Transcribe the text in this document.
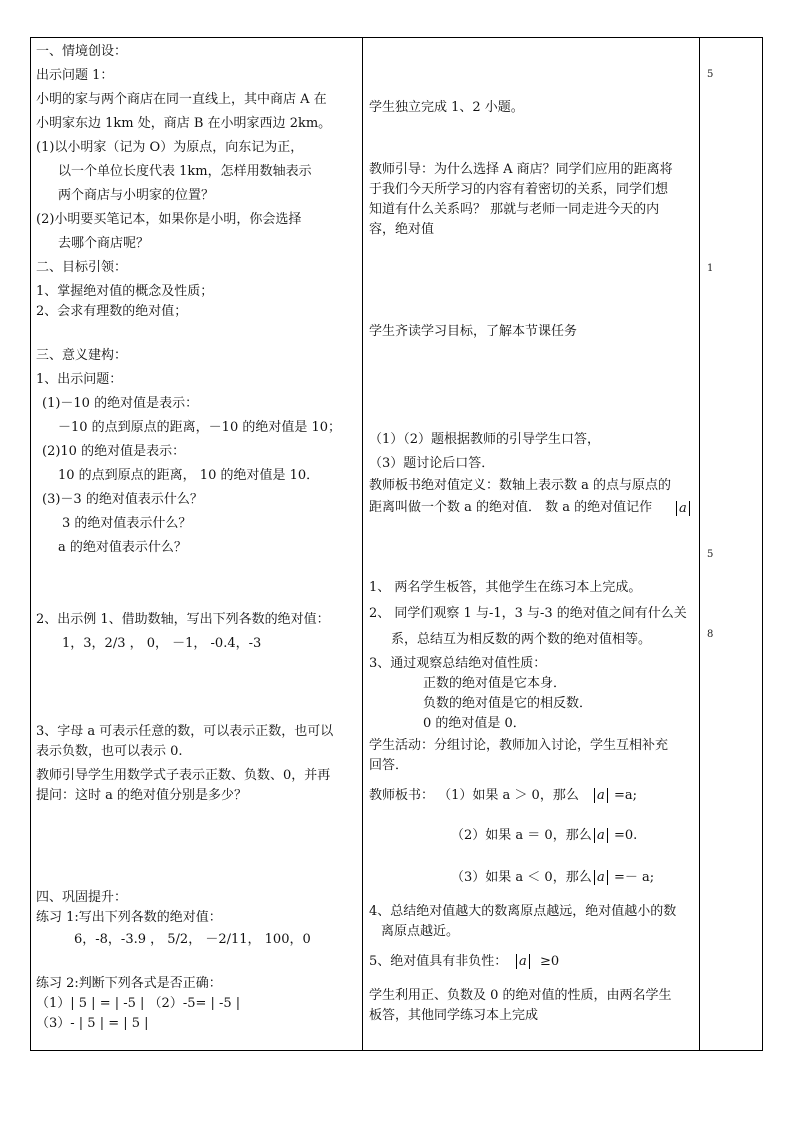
一、情境创设：
出示问题 1：
小明的家与两个商店在同一直线上，其中商店 A 在
小明家东边 1km 处，商店 B 在小明家西边 2km。
(1)以小明家（记为 O）为原点，向东记为正，
以一个单位长度代表 1km，怎样用数轴表示
两个商店与小明家的位置？
(2)小明要买笔记本，如果你是小明，你会选择
去哪个商店呢？
二、目标引领：
1、掌握绝对值的概念及性质；
2、会求有理数的绝对值；
三、意义建构：
1、出示问题：
(1)－10 的绝对值是表示：
－10 的点到原点的距离，－10 的绝对值是 10；
(2)10 的绝对值是表示：
10 的点到原点的距离， 10 的绝对值是 10．
(3)－3 的绝对值表示什么？
3 的绝对值表示什么？
a 的绝对值表示什么？
2、出示例 1、借助数轴，写出下列各数的绝对值：
1，3，2/3 ， 0， －1， -0.4，-3
3、字母 a 可表示任意的数，可以表示正数，也可以
表示负数，也可以表示 0.
教师引导学生用数学式子表示正数、负数、0，并再
提问：这时 a 的绝对值分别是多少？
四、巩固提升：
练习 1:写出下列各数的绝对值：
6，-8，-3.9 ， 5/2， －2/11， 100，0
练习 2:判断下列各式是否正确：
（1）| 5 | = | -5 | （2）-5= | -5 |
（3）- | 5 | = | 5 |
学生独立完成 1、2 小题。
教师引导：为什么选择 A 商店？同学们应用的距离将
于我们今天所学习的内容有着密切的关系，同学们想
知道有什么关系吗？ 那就与老师一同走进今天的内
容，绝对值
学生齐读学习目标，了解本节课任务
（1）（2）题根据教师的引导学生口答，
（3）题讨论后口答．
教师板书绝对值定义：数轴上表示数 a 的点与原点的
距离叫做一个数 a 的绝对值． 数 a 的绝对值记作 a
1、 两名学生板答，其他学生在练习本上完成。
2、 同学们观察 1 与-1，3 与-3 的绝对值之间有什么关
系，总结互为相反数的两个数的绝对值相等。
3、通过观察总结绝对值性质：
正数的绝对值是它本身．
负数的绝对值是它的相反数．
0 的绝对值是 0．
学生活动：分组讨论，教师加入讨论，学生互相补充
回答．
教师板书： （1）如果 a ＞ 0，那么 a =a;
（2）如果 a ＝ 0，那么 a =0.
（3）如果 a ＜ 0，那么 a =－ a;
4、总结绝对值越大的数离原点越远，绝对值越小的数
离原点越近。
5、绝对值具有非负性： a ≥0
学生利用正、负数及 0 的绝对值的性质，由两名学生
板答，其他同学练习本上完成
5
1
5
8
